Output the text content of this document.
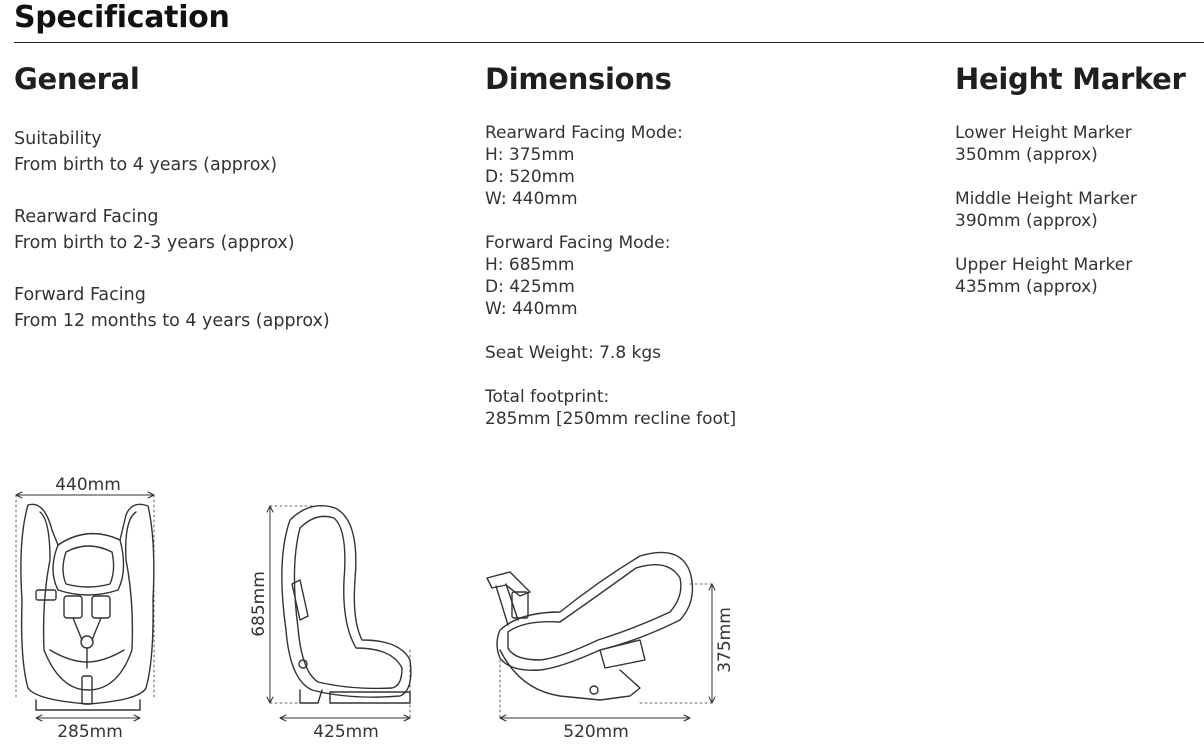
Specification
General
Suitability
From birth to 4 years (approx)
Rearward Facing
From birth to 2-3 years (approx)
Forward Facing
From 12 months to 4 years (approx)
Dimensions
Rearward Facing Mode:
H: 375mm
D: 520mm
W: 440mm
Forward Facing Mode:
H: 685mm
D: 425mm
W: 440mm
Seat Weight: 7.8 kgs
Total footprint:
285mm [250mm recline foot]
Height Marker
Lower Height Marker
350mm (approx)
Middle Height Marker
390mm (approx)
Upper Height Marker
435mm (approx)
440mm
285mm
685mm
425mm
375mm
520mm
